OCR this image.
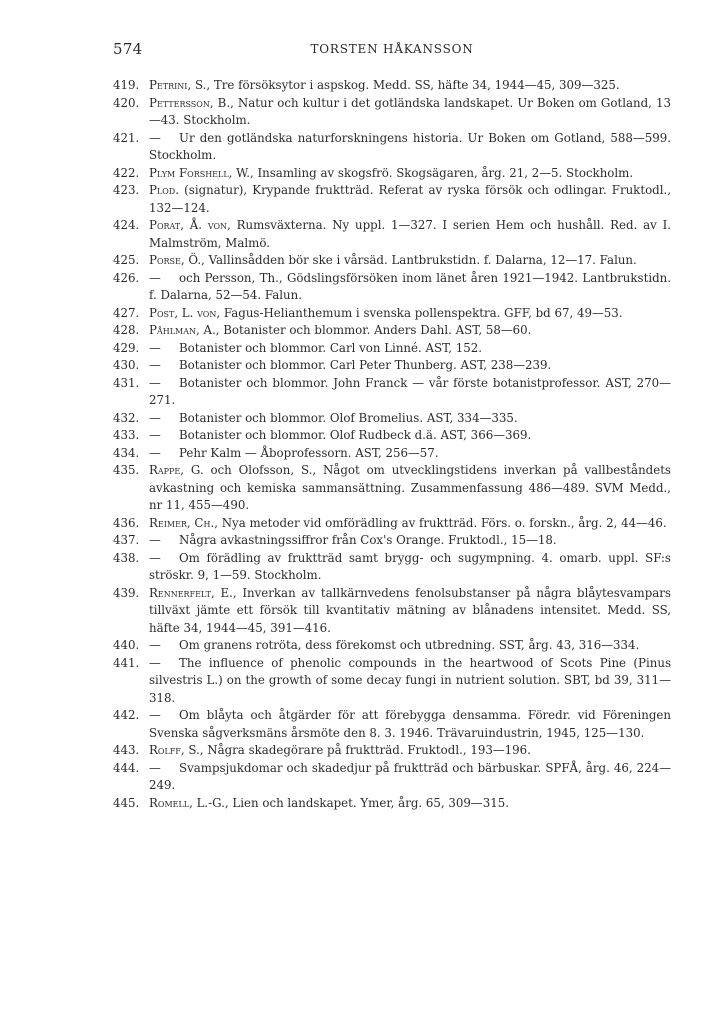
574	TORSTEN HÅKANSSON
419. Petrini, S., Tre försöksytor i aspskog. Medd. SS, häfte 34, 1944—45, 309—325.
420. Pettersson, B., Natur och kultur i det gotländska landskapet. Ur Boken om Gotland, 13—43. Stockholm.
421. — Ur den gotländska naturforskningens historia. Ur Boken om Gotland, 588—599. Stockholm.
422. Plym Forshell, W., Insamling av skogsfrö. Skogsägaren, årg. 21, 2—5. Stockholm.
423. Plod. (signatur), Krypande fruktträd. Referat av ryska försök och odlingar. Fruktodl., 132—124.
424. Porat, Å. von, Rumsväxterna. Ny uppl. 1—327. I serien Hem och hushåll. Red. av I. Malmström, Malmö.
425. Porse, Ö., Vallinsådden bör ske i vårsäd. Lantbrukstidn. f. Dalarna, 12—17. Falun.
426. — och Persson, Th., Gödslingsförsöken inom länet åren 1921—1942. Lantbrukstidn. f. Dalarna, 52—54. Falun.
427. Post, L. von, Fagus-Helianthemum i svenska pollenspektra. GFF, bd 67, 49—53.
428. Påhlman, A., Botanister och blommor. Anders Dahl. AST, 58—60.
429. — Botanister och blommor. Carl von Linné. AST, 152.
430. — Botanister och blommor. Carl Peter Thunberg. AST, 238—239.
431. — Botanister och blommor. John Franck — vår förste botanistprofessor. AST, 270—271.
432. — Botanister och blommor. Olof Bromelius. AST, 334—335.
433. — Botanister och blommor. Olof Rudbeck d.ä. AST, 366—369.
434. — Pehr Kalm — Åboprofessorn. AST, 256—57.
435. Rappe, G. och Olofsson, S., Något om utvecklingstidens inverkan på vallbeståndets avkastning och kemiska sammansättning. Zusammenfassung 486—489. SVM Medd., nr 11, 455—490.
436. Reimer, Ch., Nya metoder vid omförädling av fruktträd. Förs. o. forskn., årg. 2, 44—46.
437. — Några avkastningssiffror från Cox's Orange. Fruktodl., 15—18.
438. — Om förädling av fruktträd samt brygg- och sugympning. 4. omarb. uppl. SF:s ströskr. 9, 1—59. Stockholm.
439. Rennerfelt, E., Inverkan av tallkärnvedens fenolsubstanser på några blåytesvampars tillväxt jämte ett försök till kvantitativ mätning av blånadens intensitet. Medd. SS, häfte 34, 1944—45, 391—416.
440. — Om granens rotröta, dess förekomst och utbredning. SST, årg. 43, 316—334.
441. — The influence of phenolic compounds in the heartwood of Scots Pine (Pinus silvestris L.) on the growth of some decay fungi in nutrient solution. SBT, bd 39, 311—318.
442. — Om blåyta och åtgärder för att förebygga densamma. Föredr. vid Föreningen Svenska sågverksmäns årsmöte den 8. 3. 1946. Trävaruindustrin, 1945, 125—130.
443. Rolff, S., Några skadegörare på fruktträd. Fruktodl., 193—196.
444. — Svampsjukdomar och skadedjur på fruktträd och bärbuskar. SPFÅ, årg. 46, 224—249.
445. Romell, L.-G., Lien och landskapet. Ymer, årg. 65, 309—315.
